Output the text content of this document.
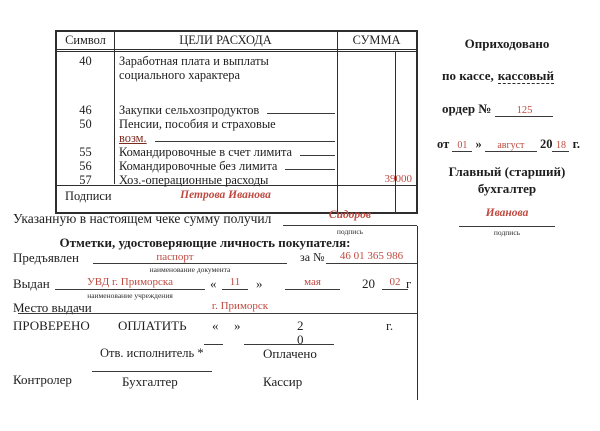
Символ	ЦЕЛИ РАСХОДА	СУММА
40	Заработная плата и выплаты
социального характера
46	Закупки сельхозпродуктов
50	Пенсии, пособия и страховые
возм.
55	Командировочные в счет лимита
56	Командировочные без лимита
57	Хоз.-операционные расходы	39000
Подписи	Петрова Иванова
Оприходовано
по кассе, кассовый
ордер № 125
от 01 » август 20 18 г.
Главный (старший)
бухгалтер
Иванова
подпись
Указанную в настоящем чеке сумму получил	Сидоров
подпись
Отметки, удостоверяющие личность покупателя:
Предъявлен	паспорт	за №	46 01 365 986
наименование документа
Выдан	УВД г. Приморска
наименование учреждения
«	11	»	мая	20	02 г
Место выдачи	г. Приморск
ПРОВЕРЕНО ОПЛАТИТЬ « »	2	г.
0
Отв. исполнитель *	Оплачено
Контролер	Бухгалтер	Кассир
